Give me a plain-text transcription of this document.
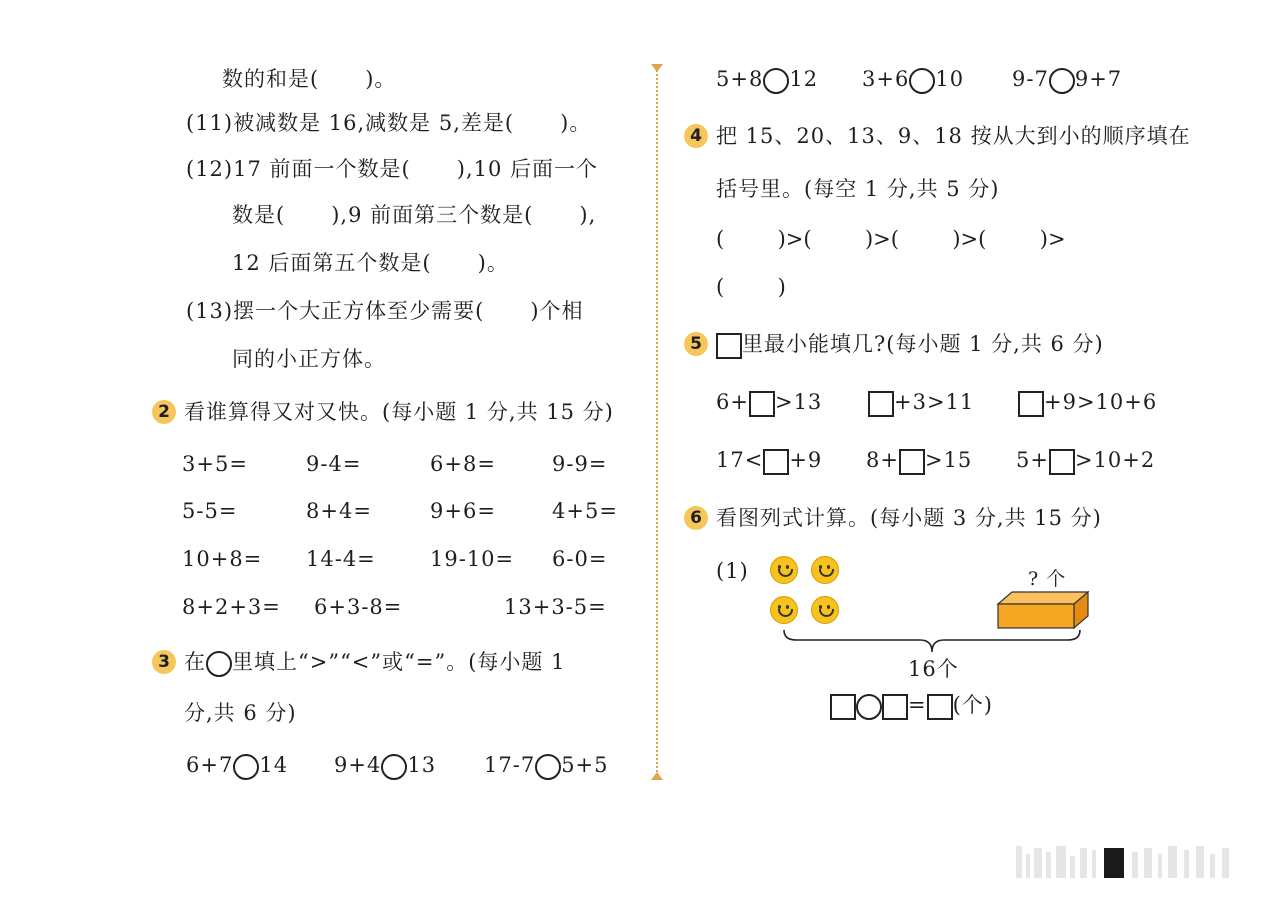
数的和是(      )。
(11)被减数是 16,减数是 5,差是(      )。
(12)17 前面一个数是(      ),10 后面一个
数是(      ),9 前面第三个数是(      ),
12 后面第五个数是(      )。
(13)摆一个大正方体至少需要(      )个相
同的小正方体。
2 看谁算得又对又快。(每小题 1 分,共 15 分)
3+5=	9-4=	6+8=	9-9=
5-5=	8+4=	9+6=	4+5=
10+8= 14-4=	19-10= 6-0=
8+2+3= 6+3-8=	13+3-5=
3 在 里填上“>”“<”或“=”。(每小题 1
分,共 6 分)
6+7 14 9+4 13 17-7 5+5
5+8 12 3+6 10 9-7 9+7
4 把 15、20、13、9、18 按从大到小的顺序填在
括号里。(每空 1 分,共 5 分)
(        )>(        )>(        )>(        )>
(        )
5	里最小能填几?(每小题 1 分,共 6 分)
6+ >13	+3>11	+9>10+6
17< +9 8+ >15 5+ >10+2
6 看图列式计算。(每小题 3 分,共 15 分)
(1)	? 个
16个
= (个)
